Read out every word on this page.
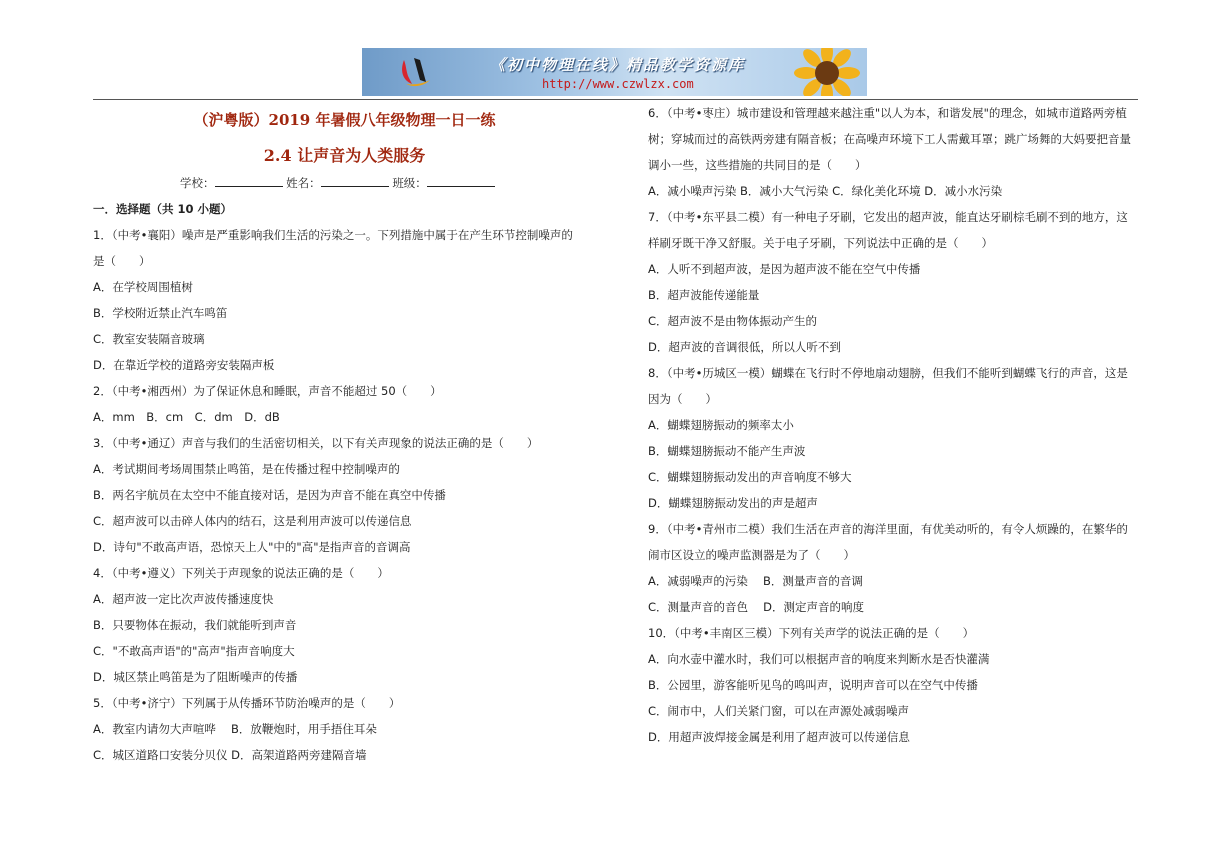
《初中物理在线》精品教学资源库
http://www.czwlzx.com
（沪粤版）2019 年暑假八年级物理一日一练
2.4 让声音为人类服务
学校：	姓名：	班级：
一．选择题（共 10 小题）
1．（中考•襄阳）噪声是严重影响我们生活的污染之一。下列措施中属于在产生环节控制噪声的
是（　　）
A．在学校周围植树
B．学校附近禁止汽车鸣笛
C．教室安装隔音玻璃
D．在靠近学校的道路旁安装隔声板
2．（中考•湘西州）为了保证休息和睡眠，声音不能超过 50（　　）
A．mm　B．cm　C．dm　D．dB
3．（中考•通辽）声音与我们的生活密切相关，以下有关声现象的说法正确的是（　　）
A．考试期间考场周围禁止鸣笛，是在传播过程中控制噪声的
B．两名宇航员在太空中不能直接对话，是因为声音不能在真空中传播
C．超声波可以击碎人体内的结石，这是利用声波可以传递信息
D．诗句"不敢高声语，恐惊天上人"中的"高"是指声音的音调高
4．（中考•遵义）下列关于声现象的说法正确的是（　　）
A．超声波一定比次声波传播速度快
B．只要物体在振动，我们就能听到声音
C．"不敢高声语"的"高声"指声音响度大
D．城区禁止鸣笛是为了阻断噪声的传播
5．（中考•济宁）下列属于从传播环节防治噪声的是（　　）
A．教室内请勿大声喧哗　 B．放鞭炮时，用手捂住耳朵
C．城区道路口安装分贝仪 D．高架道路两旁建隔音墙
6．（中考•枣庄）城市建设和管理越来越注重"以人为本，和谐发展"的理念，如城市道路两旁植
树；穿城而过的高铁两旁建有隔音板；在高噪声环境下工人需戴耳罩；跳广场舞的大妈要把音量
调小一些，这些措施的共同目的是（　　）
A．减小噪声污染 B．减小大气污染 C．绿化美化环境 D．减小水污染
7．（中考•东平县二模）有一种电子牙刷，它发出的超声波，能直达牙刷棕毛刷不到的地方，这
样刷牙既干净又舒服。关于电子牙刷，下列说法中正确的是（　　）
A．人听不到超声波，是因为超声波不能在空气中传播
B．超声波能传递能量
C．超声波不是由物体振动产生的
D．超声波的音调很低，所以人听不到
8．（中考•历城区一模）蝴蝶在飞行时不停地扇动翅膀，但我们不能听到蝴蝶飞行的声音，这是
因为（　　）
A．蝴蝶翅膀振动的频率太小
B．蝴蝶翅膀振动不能产生声波
C．蝴蝶翅膀振动发出的声音响度不够大
D．蝴蝶翅膀振动发出的声是超声
9．（中考•青州市二模）我们生活在声音的海洋里面，有优美动听的，有令人烦躁的，在繁华的
闹市区设立的噪声监测器是为了（　　）
A．减弱噪声的污染　 B．测量声音的音调
C．测量声音的音色　 D．测定声音的响度
10．（中考•丰南区三模）下列有关声学的说法正确的是（　　）
A．向水壶中灌水时，我们可以根据声音的响度来判断水是否快灌满
B．公园里，游客能听见鸟的鸣叫声，说明声音可以在空气中传播
C．闹市中，人们关紧门窗，可以在声源处减弱噪声
D．用超声波焊接金属是利用了超声波可以传递信息
